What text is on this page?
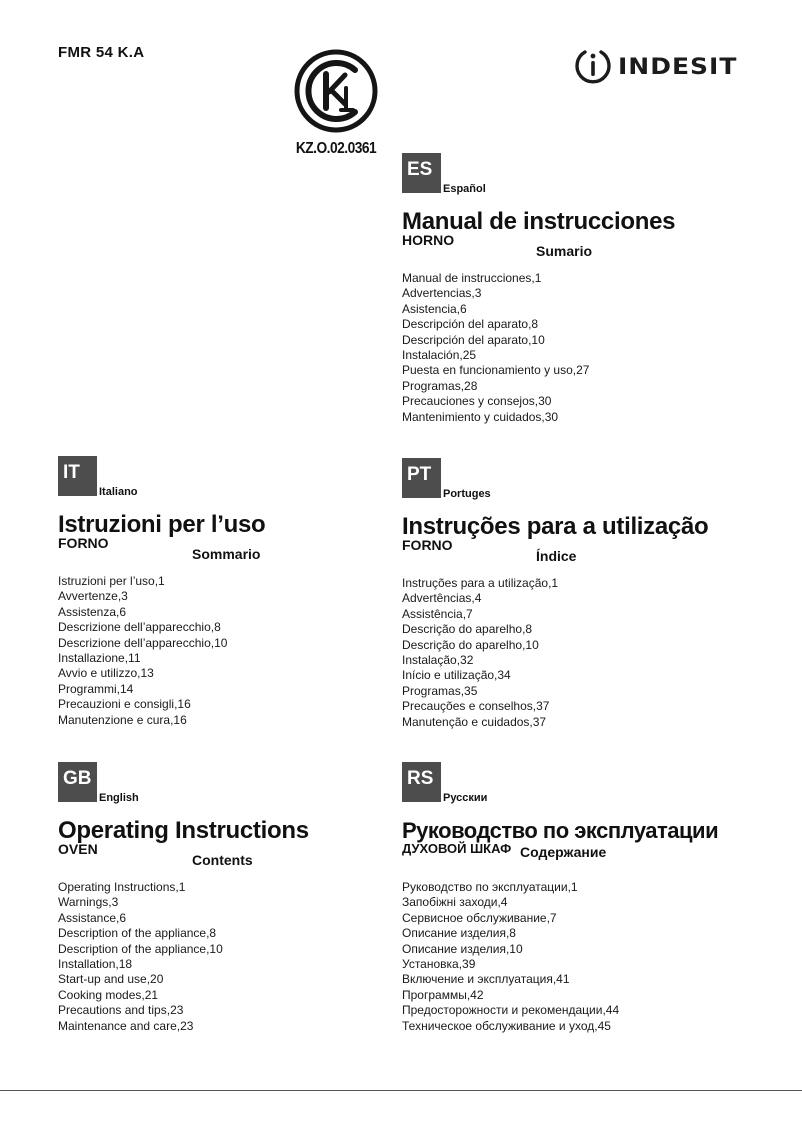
FMR 54 K.A
KZ.O.02.0361
INDESIT
ES
Español
Manual de instrucciones
HORNO
Sumario
Manual de instrucciones,1
Advertencias,3
Asistencia,6
Descripción del aparato,8
Descripción del aparato,10
Instalación,25
Puesta en funcionamiento y uso,27
Programas,28
Precauciones y consejos,30
Mantenimiento y cuidados,30
IT
Italiano
Istruzioni per l’uso
FORNO
Sommario
Istruzioni per l’uso,1
Avvertenze,3
Assistenza,6
Descrizione dell’apparecchio,8
Descrizione dell’apparecchio,10
Installazione,11
Avvio e utilizzo,13
Programmi,14
Precauzioni e consigli,16
Manutenzione e cura,16
PT
Portuges
Instruções para a utilização
FORNO
Índice
Instruções para a utilização,1
Advertências,4
Assistência,7
Descrição do aparelho,8
Descrição do aparelho,10
Instalação,32
Início e utilização,34
Programas,35
Precauções e conselhos,37
Manutenção e cuidados,37
GB
English
Operating Instructions
OVEN
Contents
Operating Instructions,1
Warnings,3
Assistance,6
Description of the appliance,8
Description of the appliance,10
Installation,18
Start-up and use,20
Cooking modes,21
Precautions and tips,23
Maintenance and care,23
RS
Русскии
Руководство по эксплуатации
ДУХОВОЙ ШКАФ Содержание
Руководство по эксплуатации,1
Запобіжні заходи,4
Сервисное обслуживание,7
Описание изделия,8
Описание изделия,10
Установка,39
Включение и эксплуатация,41
Программы,42
Предосторожности и рекомендации,44
Техническое обслуживание и уход,45
